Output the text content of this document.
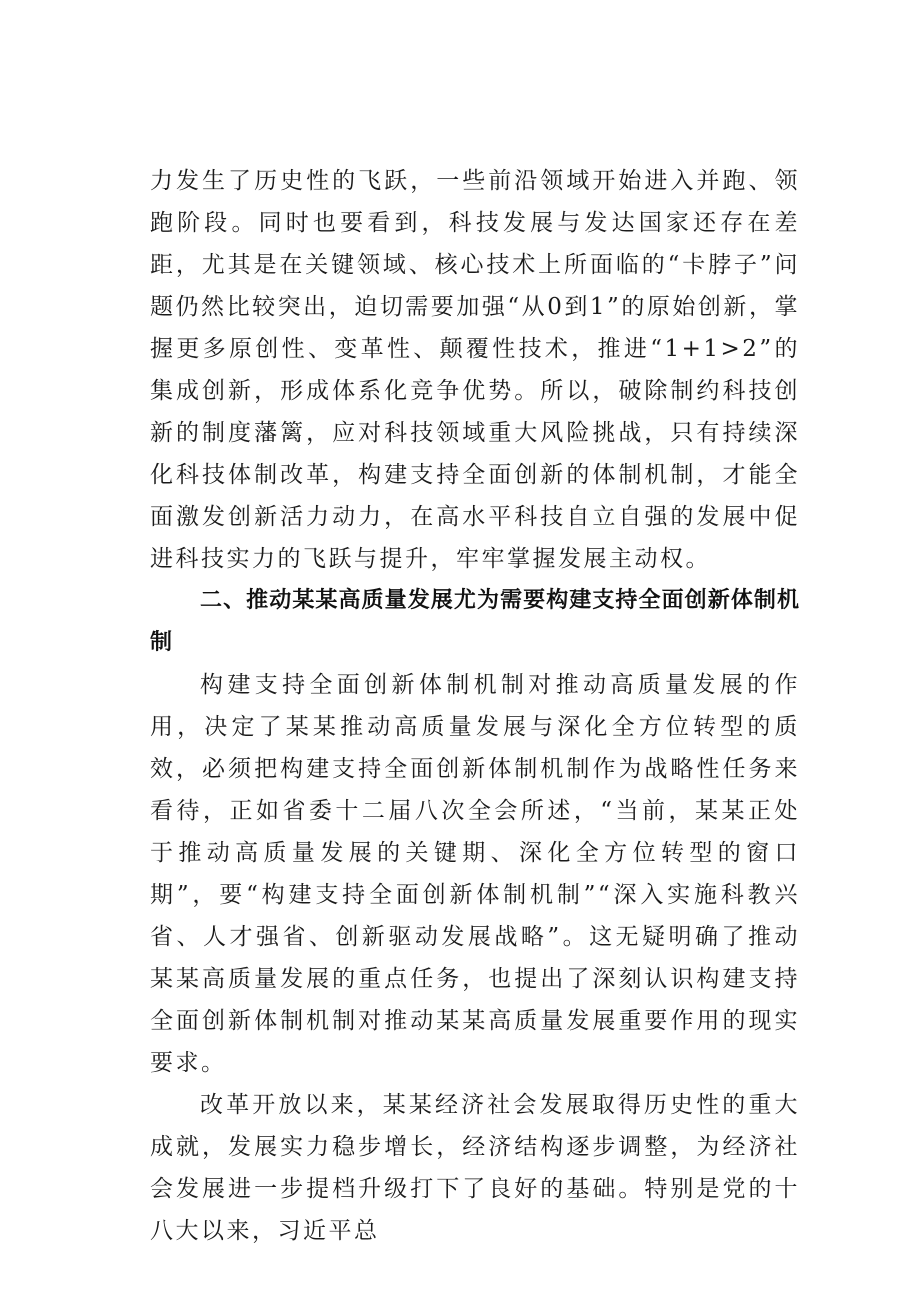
力发生了历史性的飞跃，一些前沿领域开始进入并跑、领跑阶段。同时也要看到，科技发展与发达国家还存在差距，尤其是在关键领域、核心技术上所面临的“卡脖子”问题仍然比较突出，迫切需要加强“从0到1”的原始创新，掌握更多原创性、变革性、颠覆性技术，推进“1+1>2”的集成创新，形成体系化竞争优势。所以，破除制约科技创新的制度藩篱，应对科技领域重大风险挑战，只有持续深化科技体制改革，构建支持全面创新的体制机制，才能全面激发创新活力动力，在高水平科技自立自强的发展中促进科技实力的飞跃与提升，牢牢掌握发展主动权。

二、推动某某高质量发展尤为需要构建支持全面创新体制机制

构建支持全面创新体制机制对推动高质量发展的作用，决定了某某推动高质量发展与深化全方位转型的质效，必须把构建支持全面创新体制机制作为战略性任务来看待，正如省委十二届八次全会所述，“当前，某某正处于推动高质量发展的关键期、深化全方位转型的窗口期”，要“构建支持全面创新体制机制”“深入实施科教兴省、人才强省、创新驱动发展战略”。这无疑明确了推动某某高质量发展的重点任务，也提出了深刻认识构建支持全面创新体制机制对推动某某高质量发展重要作用的现实要求。

改革开放以来，某某经济社会发展取得历史性的重大成就，发展实力稳步增长，经济结构逐步调整，为经济社会发展进一步提档升级打下了良好的基础。特别是党的十八大以来，习近平总
